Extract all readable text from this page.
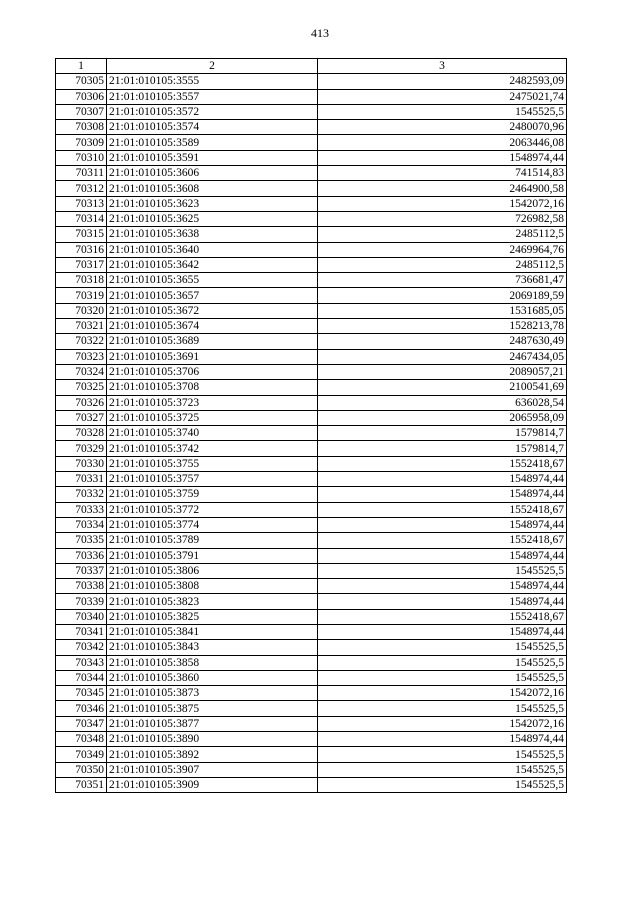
413
1	2	3
70305	21:01:010105:3555	2482593,09
70306	21:01:010105:3557	2475021,74
70307	21:01:010105:3572	1545525,5
70308	21:01:010105:3574	2480070,96
70309	21:01:010105:3589	2063446,08
70310	21:01:010105:3591	1548974,44
70311	21:01:010105:3606	741514,83
70312	21:01:010105:3608	2464900,58
70313	21:01:010105:3623	1542072,16
70314	21:01:010105:3625	726982,58
70315	21:01:010105:3638	2485112,5
70316	21:01:010105:3640	2469964,76
70317	21:01:010105:3642	2485112,5
70318	21:01:010105:3655	736681,47
70319	21:01:010105:3657	2069189,59
70320	21:01:010105:3672	1531685,05
70321	21:01:010105:3674	1528213,78
70322	21:01:010105:3689	2487630,49
70323	21:01:010105:3691	2467434,05
70324	21:01:010105:3706	2089057,21
70325	21:01:010105:3708	2100541,69
70326	21:01:010105:3723	636028,54
70327	21:01:010105:3725	2065958,09
70328	21:01:010105:3740	1579814,7
70329	21:01:010105:3742	1579814,7
70330	21:01:010105:3755	1552418,67
70331	21:01:010105:3757	1548974,44
70332	21:01:010105:3759	1548974,44
70333	21:01:010105:3772	1552418,67
70334	21:01:010105:3774	1548974,44
70335	21:01:010105:3789	1552418,67
70336	21:01:010105:3791	1548974,44
70337	21:01:010105:3806	1545525,5
70338	21:01:010105:3808	1548974,44
70339	21:01:010105:3823	1548974,44
70340	21:01:010105:3825	1552418,67
70341	21:01:010105:3841	1548974,44
70342	21:01:010105:3843	1545525,5
70343	21:01:010105:3858	1545525,5
70344	21:01:010105:3860	1545525,5
70345	21:01:010105:3873	1542072,16
70346	21:01:010105:3875	1545525,5
70347	21:01:010105:3877	1542072,16
70348	21:01:010105:3890	1548974,44
70349	21:01:010105:3892	1545525,5
70350	21:01:010105:3907	1545525,5
70351	21:01:010105:3909	1545525,5
